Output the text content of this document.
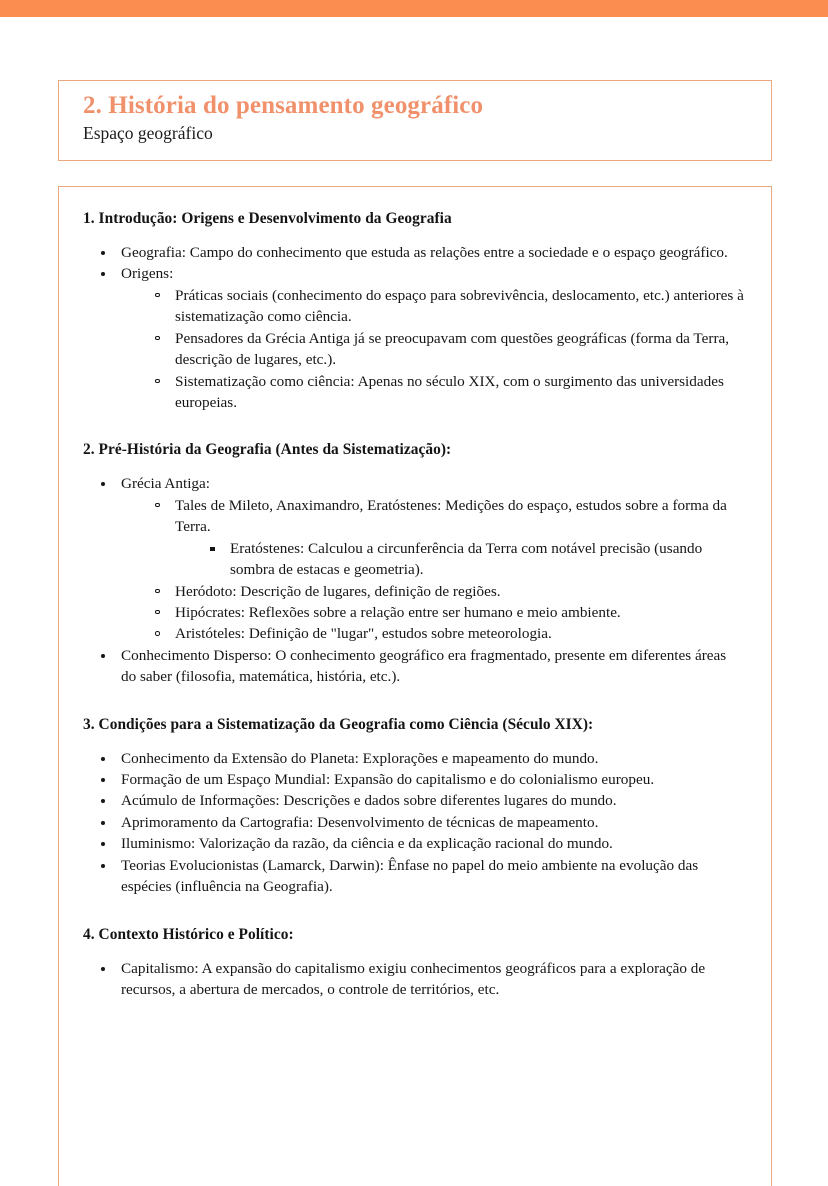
2. História do pensamento geográfico
Espaço geográfico
1. Introdução: Origens e Desenvolvimento da Geografia
Geografia: Campo do conhecimento que estuda as relações entre a sociedade e o espaço geográfico.
Origens:
Práticas sociais (conhecimento do espaço para sobrevivência, deslocamento, etc.) anteriores à sistematização como ciência.
Pensadores da Grécia Antiga já se preocupavam com questões geográficas (forma da Terra, descrição de lugares, etc.).
Sistematização como ciência: Apenas no século XIX, com o surgimento das universidades europeias.
2. Pré-História da Geografia (Antes da Sistematização):
Grécia Antiga:
Tales de Mileto, Anaximandro, Eratóstenes: Medições do espaço, estudos sobre a forma da Terra.
Eratóstenes: Calculou a circunferência da Terra com notável precisão (usando sombra de estacas e geometria).
Heródoto: Descrição de lugares, definição de regiões.
Hipócrates: Reflexões sobre a relação entre ser humano e meio ambiente.
Aristóteles: Definição de "lugar", estudos sobre meteorologia.
Conhecimento Disperso: O conhecimento geográfico era fragmentado, presente em diferentes áreas do saber (filosofia, matemática, história, etc.).
3. Condições para a Sistematização da Geografia como Ciência (Século XIX):
Conhecimento da Extensão do Planeta: Explorações e mapeamento do mundo.
Formação de um Espaço Mundial: Expansão do capitalismo e do colonialismo europeu.
Acúmulo de Informações: Descrições e dados sobre diferentes lugares do mundo.
Aprimoramento da Cartografia: Desenvolvimento de técnicas de mapeamento.
Iluminismo: Valorização da razão, da ciência e da explicação racional do mundo.
Teorias Evolucionistas (Lamarck, Darwin): Ênfase no papel do meio ambiente na evolução das espécies (influência na Geografia).
4. Contexto Histórico e Político:
Capitalismo: A expansão do capitalismo exigiu conhecimentos geográficos para a exploração de recursos, a abertura de mercados, o controle de territórios, etc.
